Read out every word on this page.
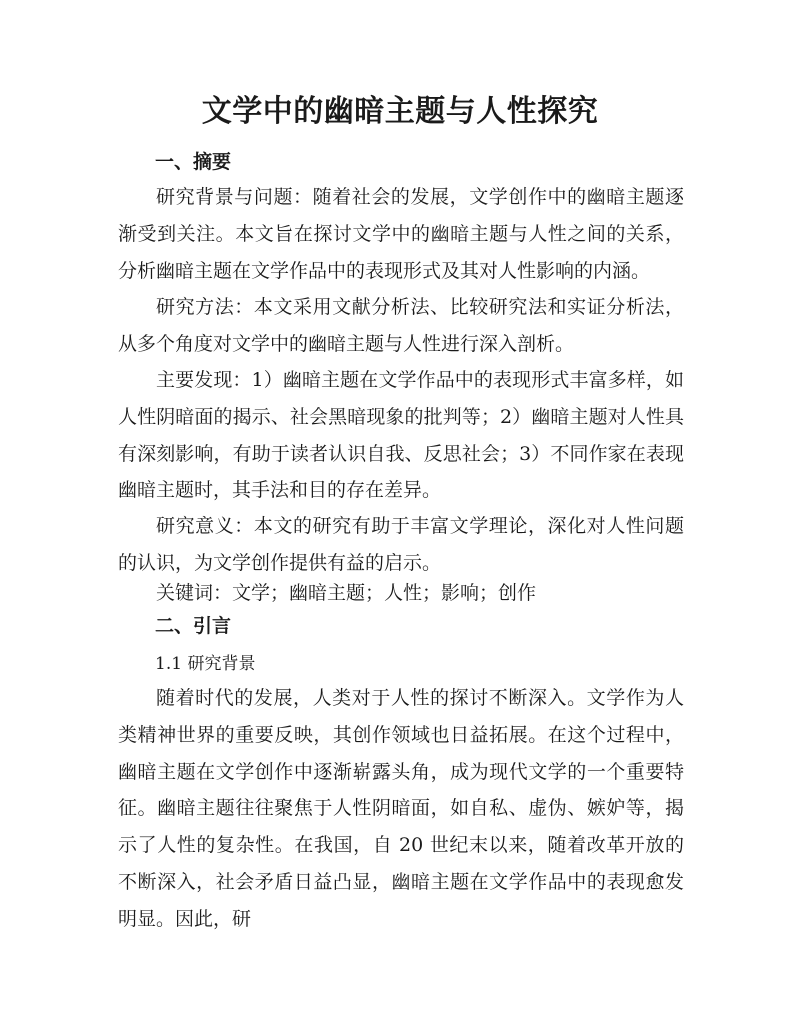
文学中的幽暗主题与人性探究
一、摘要

研究背景与问题：随着社会的发展，文学创作中的幽暗主题逐渐受到关注。本文旨在探讨文学中的幽暗主题与人性之间的关系，分析幽暗主题在文学作品中的表现形式及其对人性影响的内涵。

研究方法：本文采用文献分析法、比较研究法和实证分析法，从多个角度对文学中的幽暗主题与人性进行深入剖析。

主要发现：1）幽暗主题在文学作品中的表现形式丰富多样，如人性阴暗面的揭示、社会黑暗现象的批判等；2）幽暗主题对人性具有深刻影响，有助于读者认识自我、反思社会；3）不同作家在表现幽暗主题时，其手法和目的存在差异。

研究意义：本文的研究有助于丰富文学理论，深化对人性问题的认识，为文学创作提供有益的启示。

关键词：文学；幽暗主题；人性；影响；创作

二、引言
1.1 研究背景

随着时代的发展，人类对于人性的探讨不断深入。文学作为人类精神世界的重要反映，其创作领域也日益拓展。在这个过程中，幽暗主题在文学创作中逐渐崭露头角，成为现代文学的一个重要特征。幽暗主题往往聚焦于人性阴暗面，如自私、虚伪、嫉妒等，揭示了人性的复杂性。在我国，自 20 世纪末以来，随着改革开放的不断深入，社会矛盾日益凸显，幽暗主题在文学作品中的表现愈发明显。因此，研
